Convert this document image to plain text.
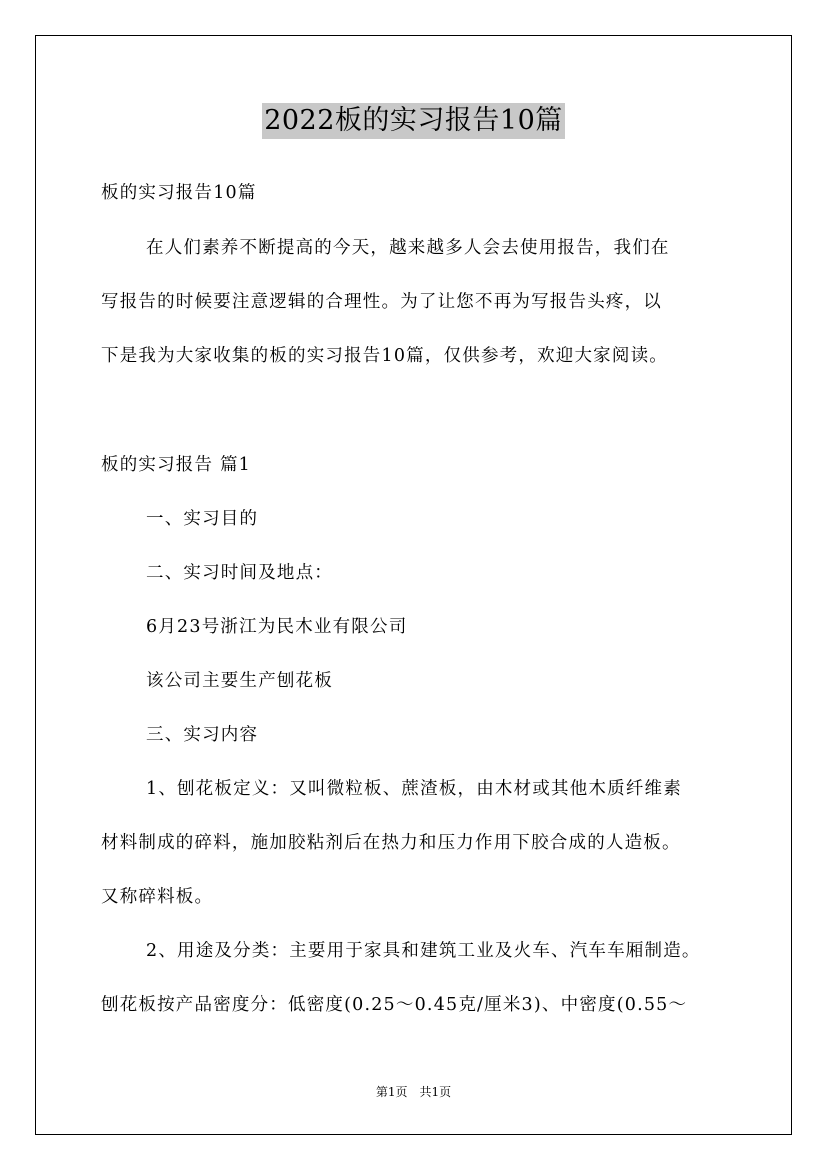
2022板的实习报告10篇
板的实习报告10篇
在人们素养不断提高的今天，越来越多人会去使用报告，我们在
写报告的时候要注意逻辑的合理性。为了让您不再为写报告头疼，以
下是我为大家收集的板的实习报告10篇，仅供参考，欢迎大家阅读。
板的实习报告 篇1
一、实习目的
二、实习时间及地点：
6月23号浙江为民木业有限公司
该公司主要生产刨花板
三、实习内容
1、刨花板定义：又叫微粒板、蔗渣板，由木材或其他木质纤维素
材料制成的碎料，施加胶粘剂后在热力和压力作用下胶合成的人造板。
又称碎料板。
2、用途及分类：主要用于家具和建筑工业及火车、汽车车厢制造。
刨花板按产品密度分：低密度(0.25～0.45克/厘米3)、中密度(0.55～
第1页　共1页
